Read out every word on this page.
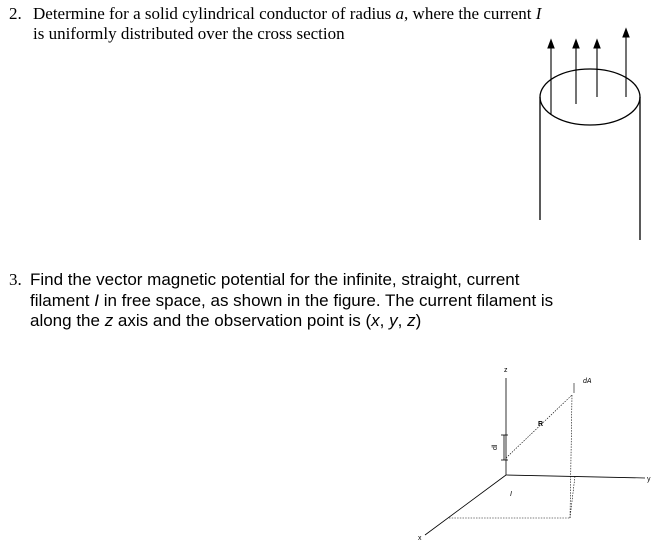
2. Determine for a solid cylindrical conductor of radius a, where the current I
is uniformly distributed over the cross section
3. Find the vector magnetic potential for the infinite, straight, current
filament I in free space, as shown in the figure. The current filament is
along the z axis and the observation point is (x, y, z)
z
y
x
R
dl
I
dA
